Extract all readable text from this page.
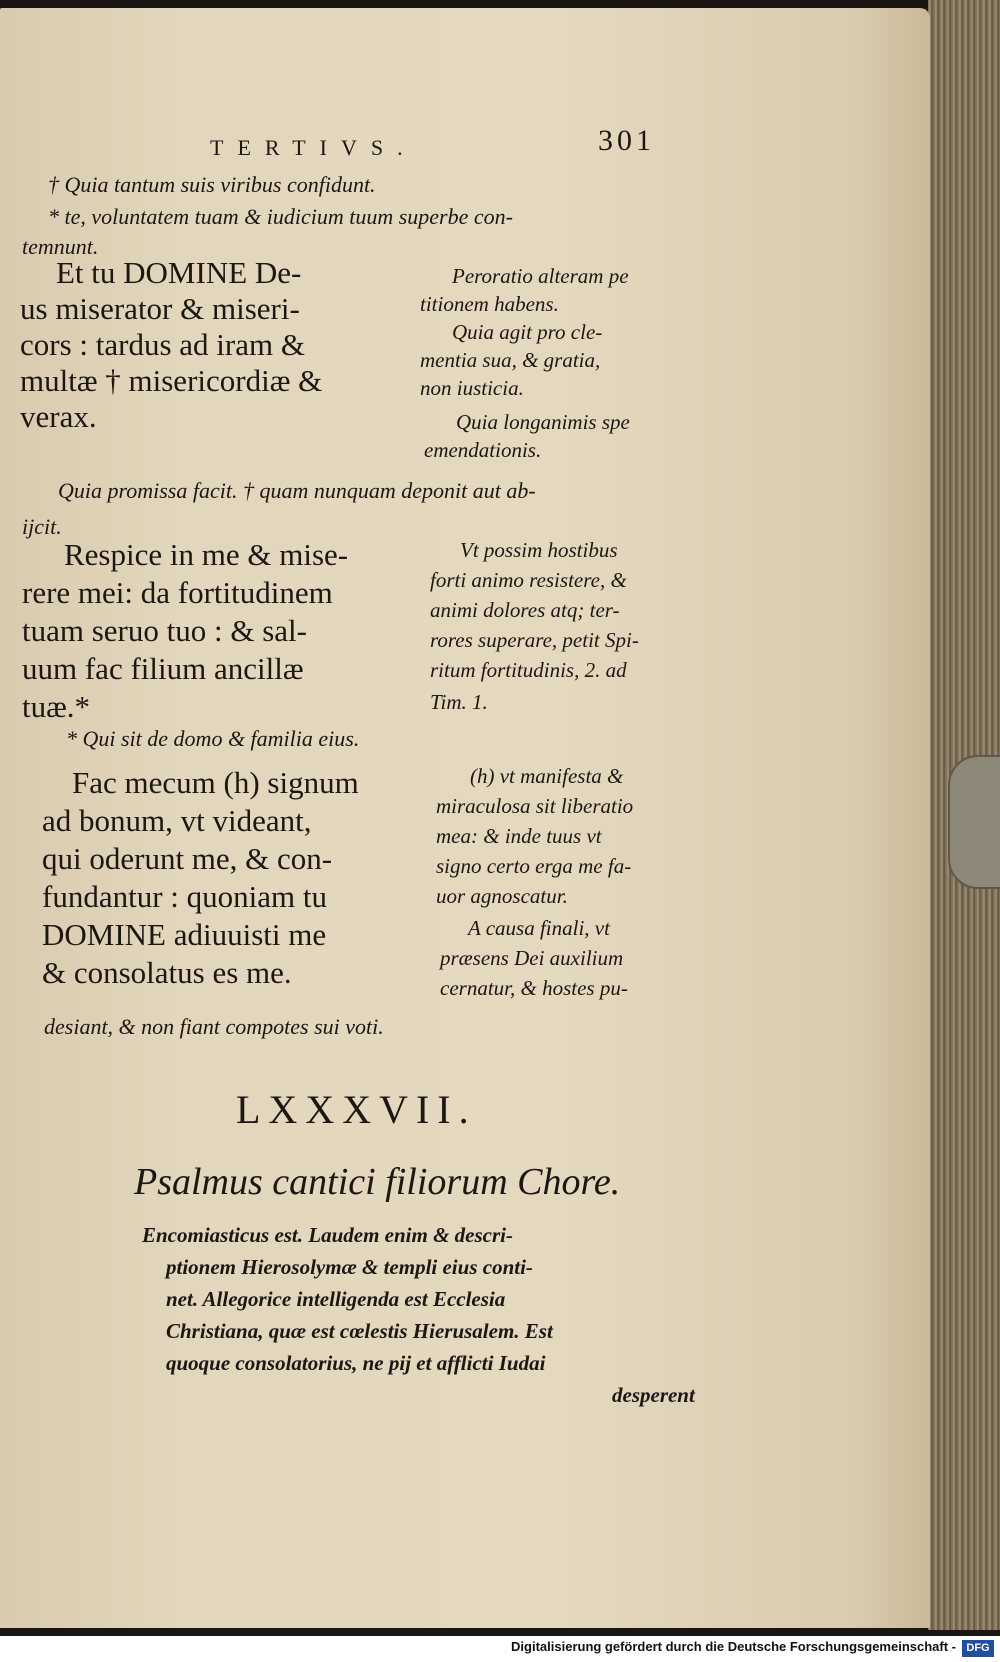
TERTIVS.	301
† Quia tantum suis viribus confidunt.
* te, voluntatem tuam & iudicium tuum superbe con-
temnunt.
Et tu DOMINE De-
us miserator & miseri-
cors : tardus ad iram &
multæ † misericordiæ &
verax.
Peroratio alteram pe
titionem habens.
Quia agit pro cle-
mentia sua, & gratia,
non iusticia.
Quia longanimis spe
emendationis.
Quia promissa facit. † quam nunquam deponit aut ab-
ijcit.
Respice in me & mise-
rere mei: da fortitudinem
tuam seruo tuo : & sal-
uum fac filium ancillæ
tuæ.*
Vt possim hostibus
forti animo resistere, &
animi dolores atq; ter-
rores superare, petit Spi-
ritum fortitudinis, 2. ad
Tim. 1.
* Qui sit de domo & familia eius.
Fac mecum (h) signum
ad bonum, vt videant,
qui oderunt me, & con-
fundantur : quoniam tu
DOMINE adiuuisti me
& consolatus es me.
(h) vt manifesta &
miraculosa sit liberatio
mea: & inde tuus vt
signo certo erga me fa-
uor agnoscatur.
A causa finali, vt
præsens Dei auxilium
cernatur, & hostes pu-
desiant, & non fiant compotes sui voti.
LXXXVII.
Psalmus cantici filiorum Chore.
Encomiasticus est. Laudem enim & descri-
ptionem Hierosolymæ & templi eius conti-
net. Allegorice intelligenda est Ecclesia
Christiana, quæ est cœlestis Hierusalem. Est
quoque consolatorius, ne pij et afflicti Iudai
desperent
Digitalisierung gefördert durch die Deutsche Forschungsgemeinschaft - DFG
